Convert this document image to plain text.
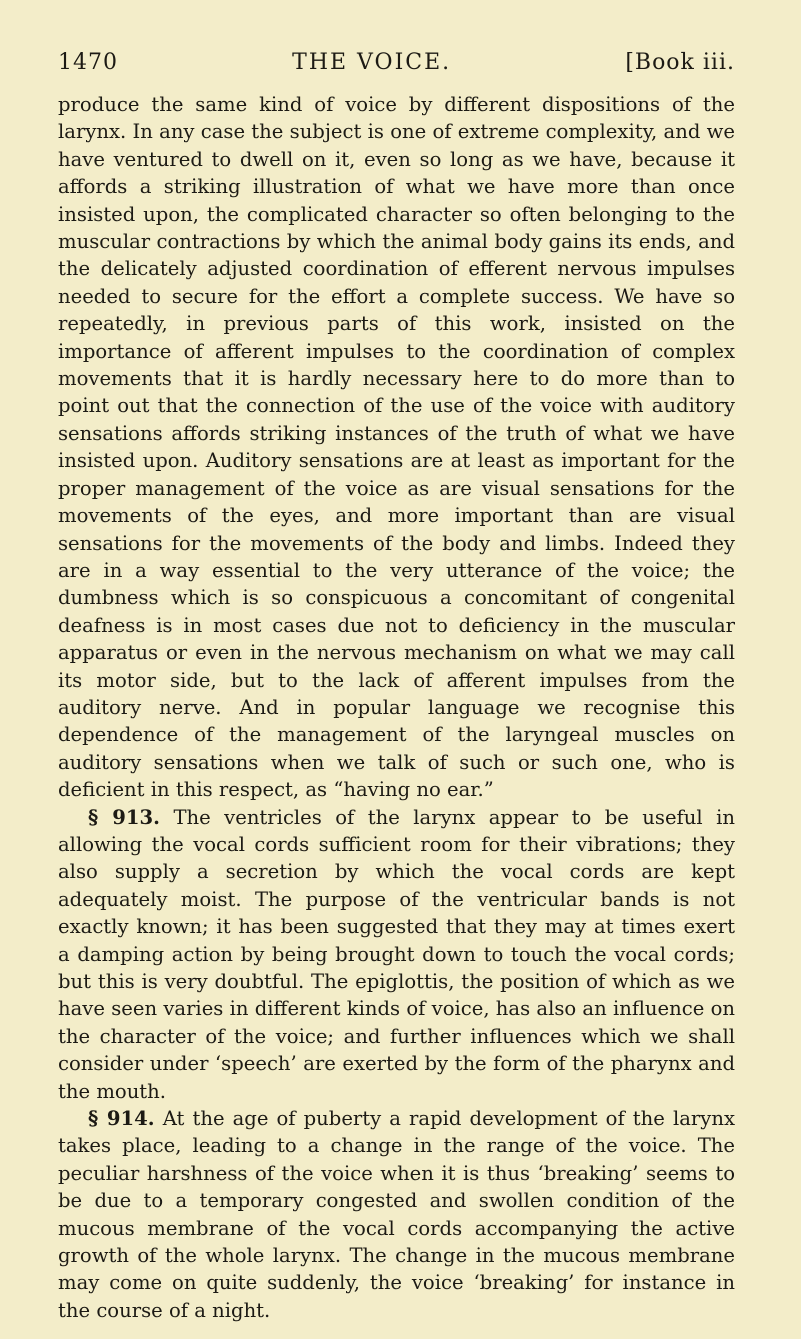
1470	THE VOICE.	[Book iii.

produce the same kind of voice by different dispositions of the larynx. In any case the subject is one of extreme complexity, and we have ventured to dwell on it, even so long as we have, because it affords a striking illustration of what we have more than once insisted upon, the complicated character so often belonging to the muscular contractions by which the animal body gains its ends, and the delicately adjusted coordination of efferent nervous impulses needed to secure for the effort a complete success. We have so repeatedly, in previous parts of this work, insisted on the importance of afferent impulses to the coordination of complex movements that it is hardly necessary here to do more than to point out that the connection of the use of the voice with auditory sensations affords striking instances of the truth of what we have insisted upon. Auditory sensations are at least as important for the proper management of the voice as are visual sensations for the movements of the eyes, and more important than are visual sensations for the movements of the body and limbs. Indeed they are in a way essential to the very utterance of the voice; the dumbness which is so conspicuous a concomitant of congenital deafness is in most cases due not to deficiency in the muscular apparatus or even in the nervous mechanism on what we may call its motor side, but to the lack of afferent impulses from the auditory nerve. And in popular language we recognise this dependence of the management of the laryngeal muscles on auditory sensations when we talk of such or such one, who is deficient in this respect, as “having no ear.”

§ 913. The ventricles of the larynx appear to be useful in allowing the vocal cords sufficient room for their vibrations; they also supply a secretion by which the vocal cords are kept adequately moist. The purpose of the ventricular bands is not exactly known; it has been suggested that they may at times exert a damping action by being brought down to touch the vocal cords; but this is very doubtful. The epiglottis, the position of which as we have seen varies in different kinds of voice, has also an influence on the character of the voice; and further influences which we shall consider under ‘speech’ are exerted by the form of the pharynx and the mouth.

§ 914. At the age of puberty a rapid development of the larynx takes place, leading to a change in the range of the voice. The peculiar harshness of the voice when it is thus ‘breaking’ seems to be due to a temporary congested and swollen condition of the mucous membrane of the vocal cords accompanying the active growth of the whole larynx. The change in the mucous membrane may come on quite suddenly, the voice ‘breaking’ for instance in the course of a night.
